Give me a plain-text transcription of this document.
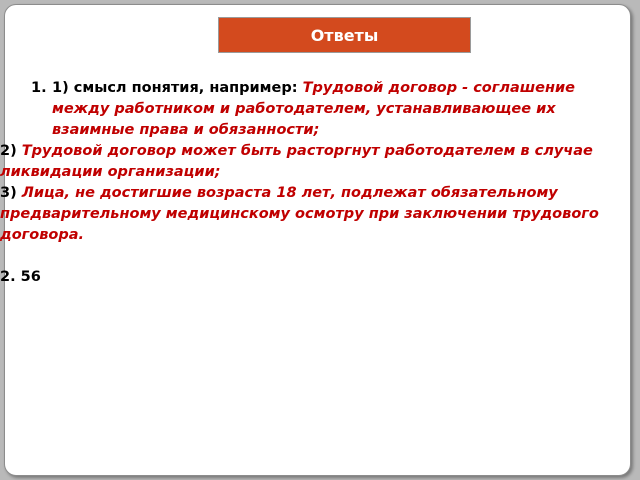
Ответы
1. 1) смысл понятия, например: Трудовой договор - соглашение между работником и работодателем, устанавливающее их взаимные права и обязанности;

2) Трудовой договор может быть расторгнут работодателем в случае ликвидации организации;

3) Лица, не достигшие возраста 18 лет, подлежат обязательному предварительному медицинскому осмотру при заключении трудового договора.

2. 56
